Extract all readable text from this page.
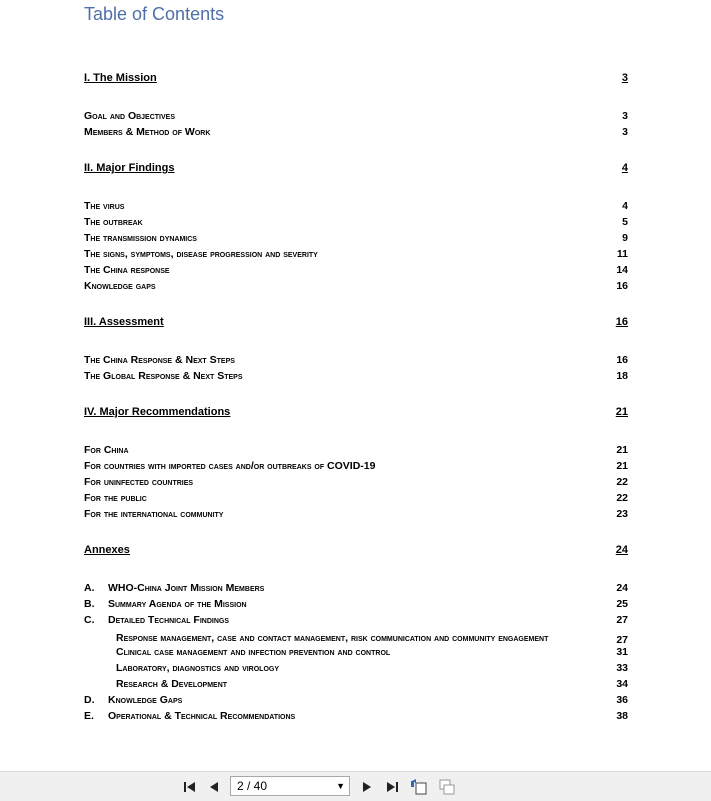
Table of Contents
I. The Mission	3
Goal and Objectives	3
Members & Method of Work	3
II. Major Findings	4
The virus	4
The outbreak	5
The transmission dynamics	9
The signs, symptoms, disease progression and severity	11
The China response	14
Knowledge gaps	16
III. Assessment	16
The China Response & Next Steps	16
The Global Response & Next Steps	18
IV. Major Recommendations	21
For China	21
For countries with imported cases and/or outbreaks of COVID-19	21
For uninfected countries	22
For the public	22
For the international community	23
Annexes	24
A. WHO-China Joint Mission Members	24
B. Summary Agenda of the Mission	25
C. Detailed Technical Findings	27
Response management, case and contact management, risk communication and community engagement	27
Clinical case management and infection prevention and control	31
Laboratory, diagnostics and virology	33
Research & Development	34
D. Knowledge Gaps	36
E. Operational & Technical Recommendations	38
2 / 40	▼
